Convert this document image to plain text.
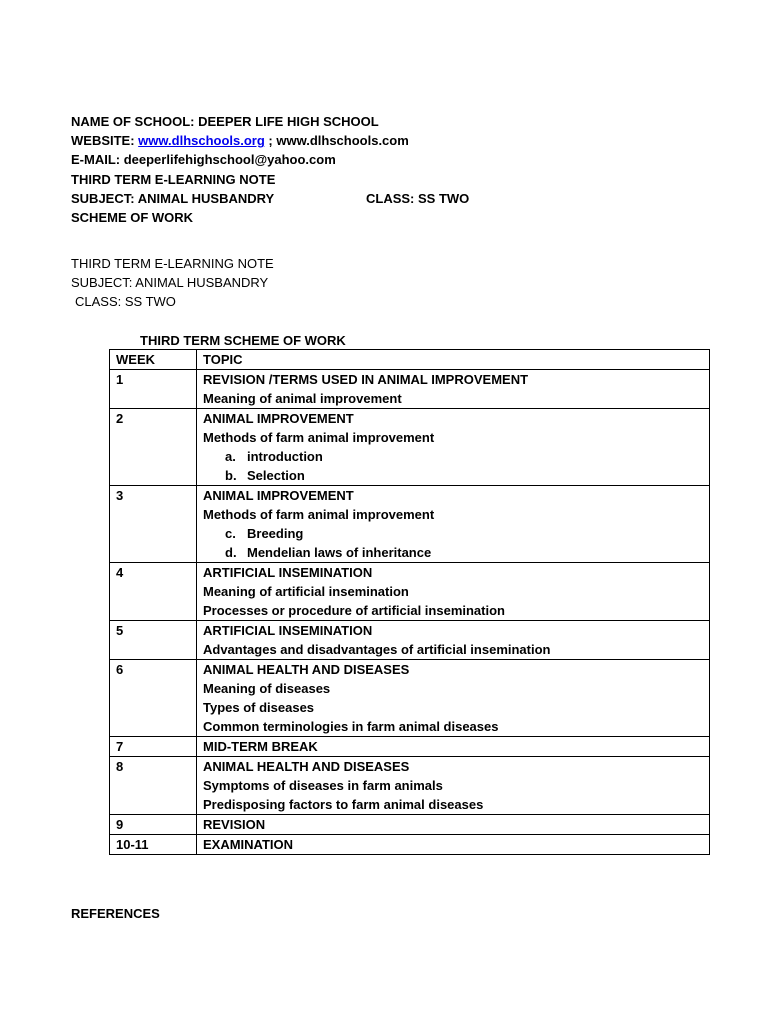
NAME OF SCHOOL: DEEPER LIFE HIGH SCHOOL
WEBSITE: www.dlhschools.org ; www.dlhschools.com
E-MAIL: deeperlifehighschool@yahoo.com
THIRD TERM E-LEARNING NOTE
SUBJECT: ANIMAL HUSBANDRY	CLASS: SS TWO
SCHEME OF WORK
THIRD TERM E-LEARNING NOTE
SUBJECT: ANIMAL HUSBANDRY
CLASS: SS TWO
THIRD TERM SCHEME OF WORK
WEEK	TOPIC
1	REVISION /TERMS USED IN ANIMAL IMPROVEMENT
Meaning of animal improvement

2	ANIMAL IMPROVEMENT
Methods of farm animal improvement
a. introduction
b. Selection

3	ANIMAL IMPROVEMENT
Methods of farm animal improvement
c. Breeding
d. Mendelian laws of inheritance

4	ARTIFICIAL INSEMINATION
Meaning of artificial insemination
Processes or procedure of artificial insemination

5	ARTIFICIAL INSEMINATION
Advantages and disadvantages of artificial insemination

6	ANIMAL HEALTH AND DISEASES
Meaning of diseases
Types of diseases
Common terminologies in farm animal diseases

7	MID-TERM BREAK

8	ANIMAL HEALTH AND DISEASES
Symptoms of diseases in farm animals
Predisposing factors to farm animal diseases

9	REVISION

10-11	EXAMINATION
REFERENCES
